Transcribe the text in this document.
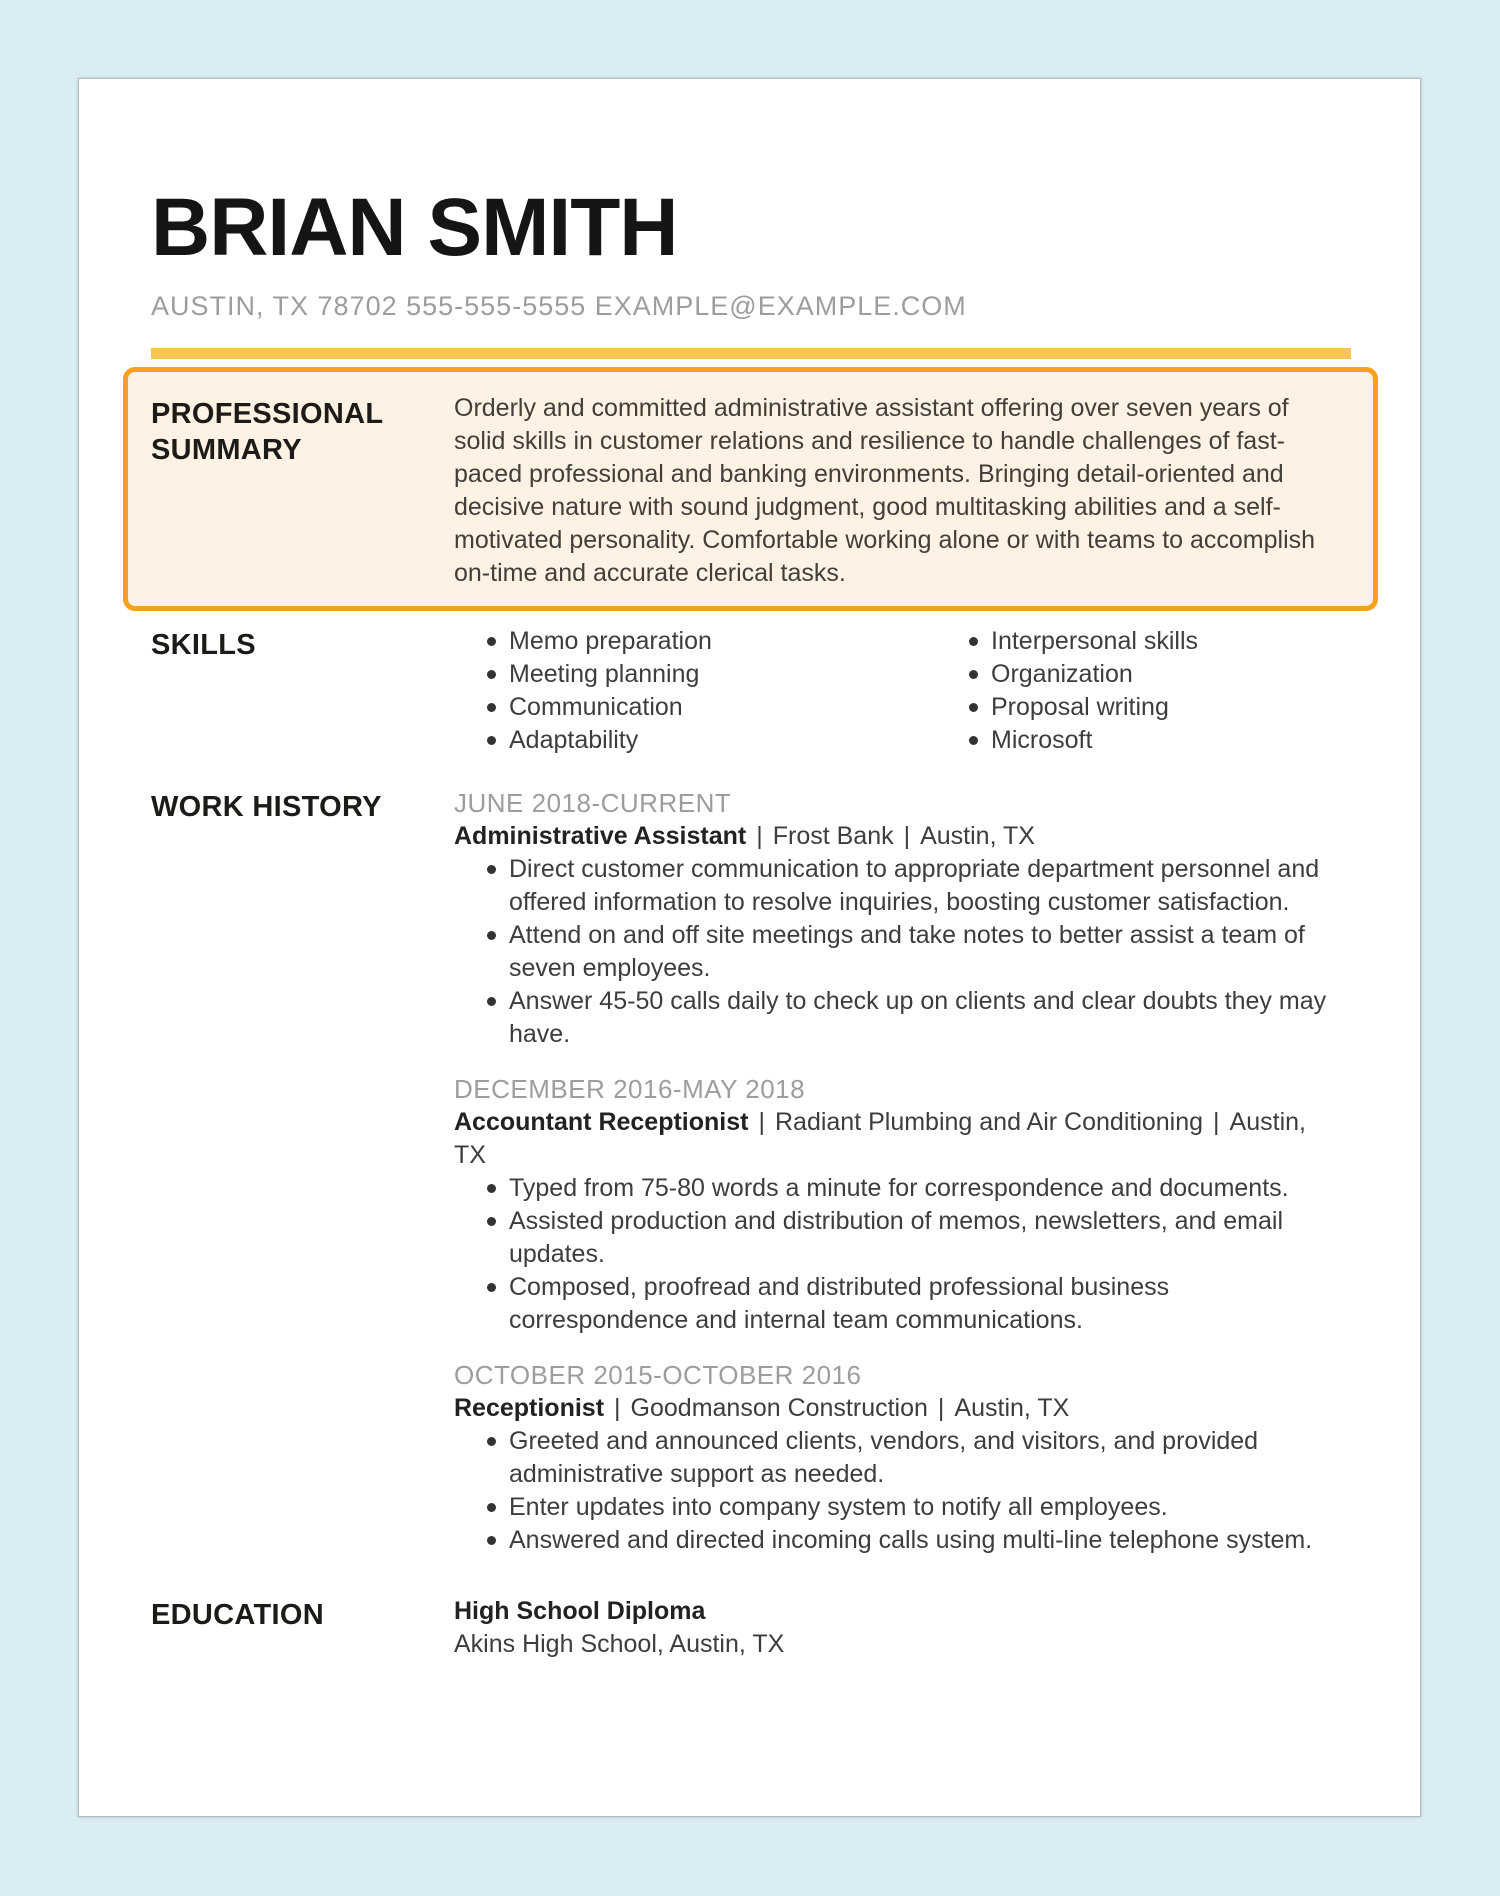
BRIAN SMITH
AUSTIN, TX 78702 555-555-5555 EXAMPLE@EXAMPLE.COM
PROFESSIONAL SUMMARY

Orderly and committed administrative assistant offering over seven years of solid skills in customer relations and resilience to handle challenges of fast-paced professional and banking environments. Bringing detail-oriented and decisive nature with sound judgment, good multitasking abilities and a self-motivated personality. Comfortable working alone or with teams to accomplish on-time and accurate clerical tasks.

SKILLS	Memo preparation
Meeting planning
Communication
Adaptability
Interpersonal skills
Organization
Proposal writing
Microsoft
WORK HISTORY	JUNE 2018-CURRENT
Administrative Assistant | Frost Bank | Austin, TX
Direct customer communication to appropriate department personnel and offered information to resolve inquiries, boosting customer satisfaction.
Attend on and off site meetings and take notes to better assist a team of seven employees.
Answer 45-50 calls daily to check up on clients and clear doubts they may have.
DECEMBER 2016-MAY 2018
Accountant Receptionist | Radiant Plumbing and Air Conditioning | Austin, TX
Typed from 75-80 words a minute for correspondence and documents.
Assisted production and distribution of memos, newsletters, and email updates.
Composed, proofread and distributed professional business correspondence and internal team communications.
OCTOBER 2015-OCTOBER 2016
Receptionist | Goodmanson Construction | Austin, TX
Greeted and announced clients, vendors, and visitors, and provided administrative support as needed.
Enter updates into company system to notify all employees.
Answered and directed incoming calls using multi-line telephone system.
EDUCATION	High School Diploma
Akins High School, Austin, TX
